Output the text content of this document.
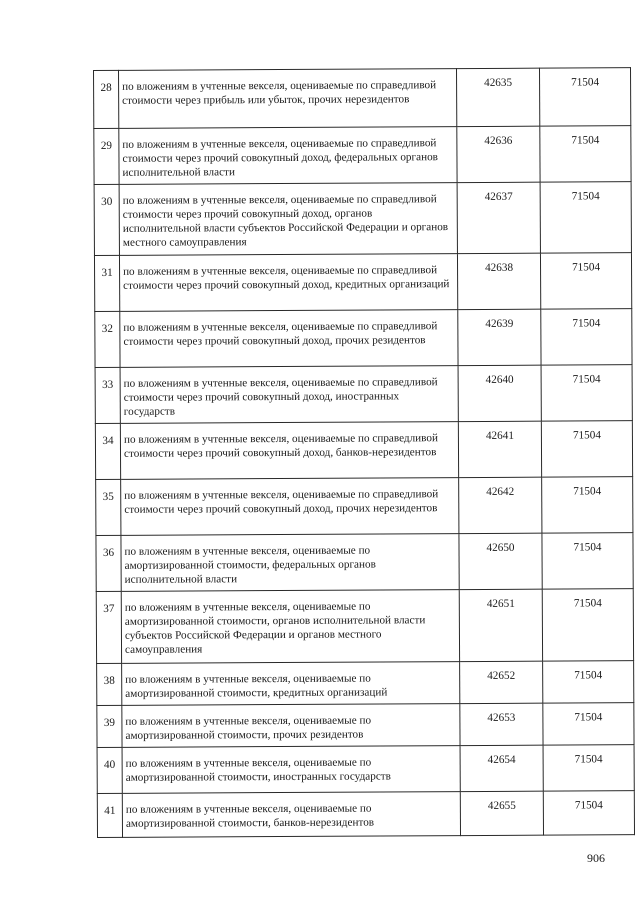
28	по вложениям в учтенные векселя, оцениваемые по справедливой стоимости через прибыль или убыток, прочих нерезидентов	42635	71504
29	по вложениям в учтенные векселя, оцениваемые по справедливой стоимости через прочий совокупный доход, федеральных органов исполнительной власти	42636	71504
30	по вложениям в учтенные векселя, оцениваемые по справедливой стоимости через прочий совокупный доход, органов исполнительной власти субъектов Российской Федерации и органов местного самоуправления	42637	71504
31	по вложениям в учтенные векселя, оцениваемые по справедливой стоимости через прочий совокупный доход, кредитных организаций	42638	71504
32	по вложениям в учтенные векселя, оцениваемые по справедливой стоимости через прочий совокупный доход, прочих резидентов	42639	71504
33	по вложениям в учтенные векселя, оцениваемые по справедливой стоимости через прочий совокупный доход, иностранных государств	42640	71504
34	по вложениям в учтенные векселя, оцениваемые по справедливой стоимости через прочий совокупный доход, банков-нерезидентов	42641	71504
35	по вложениям в учтенные векселя, оцениваемые по справедливой стоимости через прочий совокупный доход, прочих нерезидентов	42642	71504
36	по вложениям в учтенные векселя, оцениваемые по амортизированной стоимости, федеральных органов исполнительной власти	42650	71504
37	по вложениям в учтенные векселя, оцениваемые по амортизированной стоимости, органов исполнительной власти субъектов Российской Федерации и органов местного самоуправления	42651	71504
38	по вложениям в учтенные векселя, оцениваемые по амортизированной стоимости, кредитных организаций	42652	71504
39	по вложениям в учтенные векселя, оцениваемые по амортизированной стоимости, прочих резидентов	42653	71504
40	по вложениям в учтенные векселя, оцениваемые по амортизированной стоимости, иностранных государств	42654	71504
41	по вложениям в учтенные векселя, оцениваемые по амортизированной стоимости, банков-нерезидентов	42655	71504
906
